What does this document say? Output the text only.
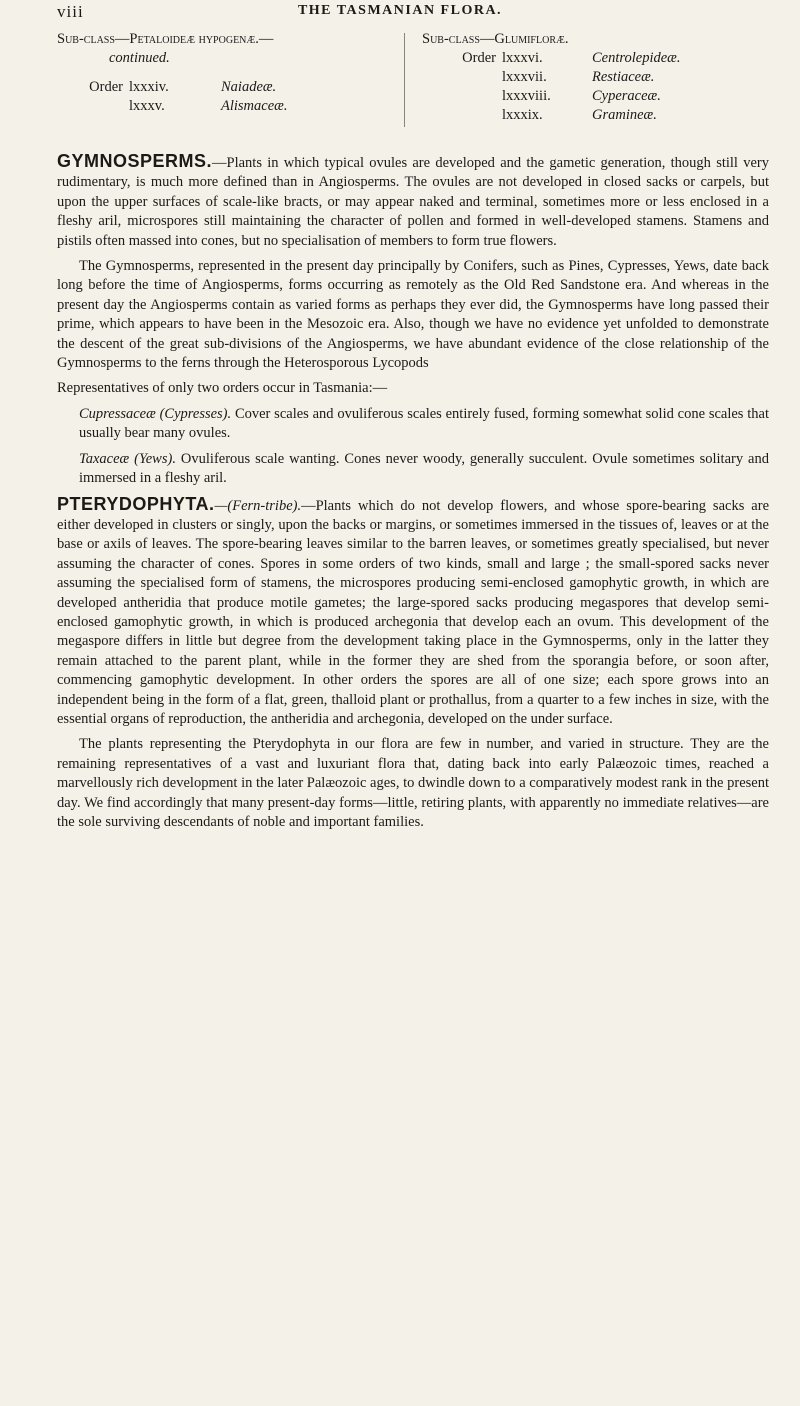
viii	THE TASMANIAN FLORA.
Sub-class—Petaloideæ hypogenæ.—
continued.
Order lxxxiv.	Naiadeæ.
lxxxv.	Alismaceæ.
Sub-class—Glumifloræ.
Order lxxxvi.	Centrolepideæ.
lxxxvii.	Restiaceæ.
lxxxviii.	Cyperaceæ.
lxxxix.	Gramineæ.

GYMNOSPERMS.—Plants in which typical ovules are developed and the gametic generation, though still very rudimentary, is much more defined than in Angiosperms. The ovules are not developed in closed sacks or carpels, but upon the upper surfaces of scale-like bracts, or may appear naked and terminal, sometimes more or less enclosed in a fleshy aril, microspores still maintaining the character of pollen and formed in well-developed stamens. Stamens and pistils often massed into cones, but no specialisation of members to form true flowers.

The Gymnosperms, represented in the present day principally by Conifers, such as Pines, Cypresses, Yews, date back long before the time of Angiosperms, forms occurring as remotely as the Old Red Sandstone era. And whereas in the present day the Angiosperms contain as varied forms as perhaps they ever did, the Gymnosperms have long passed their prime, which appears to have been in the Mesozoic era. Also, though we have no evidence yet unfolded to demonstrate the descent of the great sub-divisions of the Angiosperms, we have abundant evidence of the close relationship of the Gymnosperms to the ferns through the Heterosporous Lycopods

Representatives of only two orders occur in Tasmania:—

Cupressaceæ (Cypresses). Cover scales and ovuliferous scales entirely fused, forming somewhat solid cone scales that usually bear many ovules.

Taxaceæ (Yews). Ovuliferous scale wanting. Cones never woody, generally succulent. Ovule sometimes solitary and immersed in a fleshy aril.

PTERYDOPHYTA.—(Fern-tribe).—Plants which do not develop flowers, and whose spore-bearing sacks are either developed in clusters or singly, upon the backs or margins, or sometimes immersed in the tissues of, leaves or at the base or axils of leaves. The spore-bearing leaves similar to the barren leaves, or sometimes greatly specialised, but never assuming the character of cones. Spores in some orders of two kinds, small and large ; the small-spored sacks never assuming the specialised form of stamens, the microspores producing semi-enclosed gamophytic growth, in which are developed antheridia that produce motile gametes; the large-spored sacks producing megaspores that develop semi-enclosed gamophytic growth, in which is produced archegonia that develop each an ovum. This development of the megaspore differs in little but degree from the development taking place in the Gymnosperms, only in the latter they remain attached to the parent plant, while in the former they are shed from the sporangia before, or soon after, commencing gamophytic development. In other orders the spores are all of one size; each spore grows into an independent being in the form of a flat, green, thalloid plant or prothallus, from a quarter to a few inches in size, with the essential organs of reproduction, the antheridia and archegonia, developed on the under surface.

The plants representing the Pterydophyta in our flora are few in number, and varied in structure. They are the remaining representatives of a vast and luxuriant flora that, dating back into early Palæozoic times, reached a marvellously rich development in the later Palæozoic ages, to dwindle down to a comparatively modest rank in the present day. We find accordingly that many present-day forms—little, retiring plants, with apparently no immediate relatives—are the sole surviving descendants of noble and important families.
